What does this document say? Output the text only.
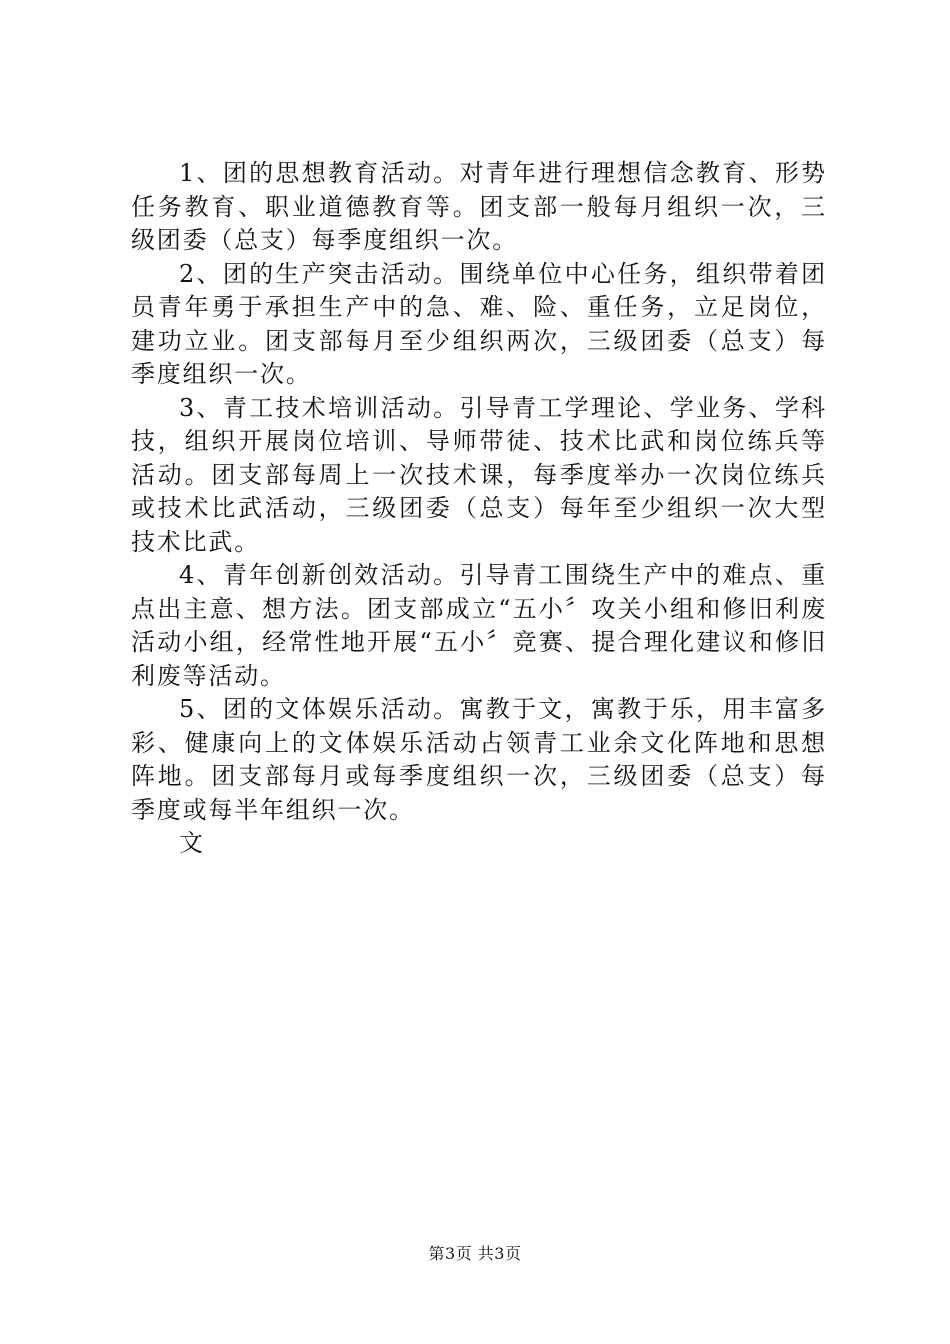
1、团的思想教育活动。对青年进行理想信念教育、形势任务教育、职业道德教育等。团支部一般每月组织一次，三级团委（总支）每季度组织一次。

2、团的生产突击活动。围绕单位中心任务，组织带着团员青年勇于承担生产中的急、难、险、重任务，立足岗位，建功立业。团支部每月至少组织两次，三级团委（总支）每季度组织一次。

3、青工技术培训活动。引导青工学理论、学业务、学科技，组织开展岗位培训、导师带徒、技术比武和岗位练兵等活动。团支部每周上一次技术课，每季度举办一次岗位练兵或技术比武活动，三级团委（总支）每年至少组织一次大型技术比武。

4、青年创新创效活动。引导青工围绕生产中的难点、重点出主意、想方法。团支部成立“五小〞攻关小组和修旧利废活动小组，经常性地开展“五小〞竞赛、提合理化建议和修旧利废等活动。

5、团的文体娱乐活动。寓教于文，寓教于乐，用丰富多彩、健康向上的文体娱乐活动占领青工业余文化阵地和思想阵地。团支部每月或每季度组织一次，三级团委（总支）每季度或每半年组织一次。

文

第3页 共3页
